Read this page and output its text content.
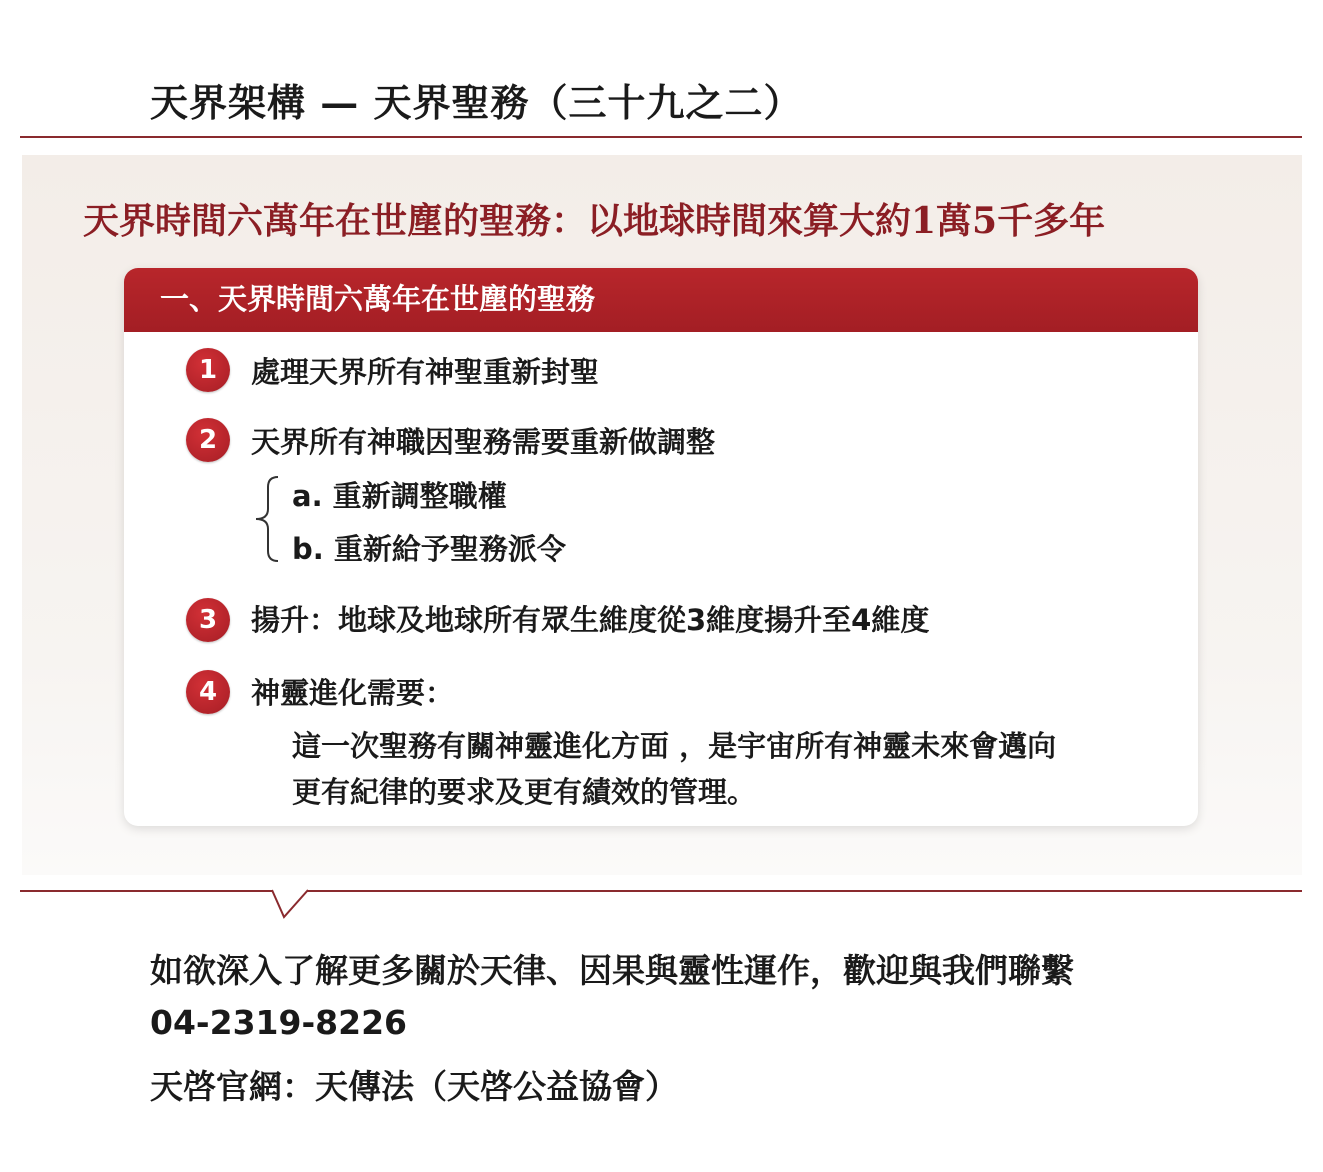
天界架構 — 天界聖務（三十九之二）
天界時間六萬年在世塵的聖務：以地球時間來算大約1萬5千多年
一、天界時間六萬年在世塵的聖務
1	處理天界所有神聖重新封聖
2	天界所有神職因聖務需要重新做調整
a. 重新調整職權
b. 重新給予聖務派令
3	揚升：地球及地球所有眾生維度從3維度揚升至4維度
4	神靈進化需要：
這一次聖務有關神靈進化方面 ，是宇宙所有神靈未來會邁向
更有紀律的要求及更有績效的管理。
如欲深入了解更多關於天律、因果與靈性運作，歡迎與我們聯繫
04-2319-8226
天啓官網：天傳法（天啓公益協會）
